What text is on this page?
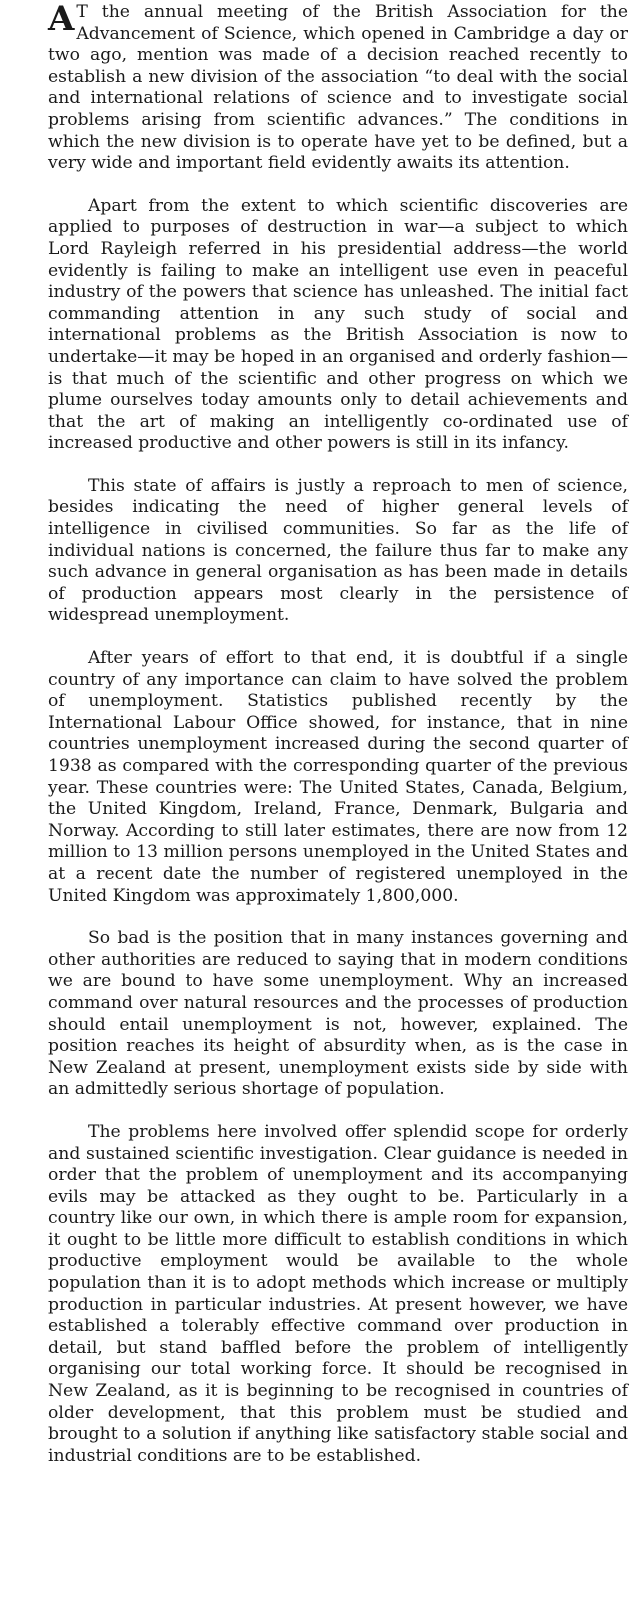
A T the annual meeting of the British Association for the Advancement of Science, which opened in Cambridge a day or two ago, mention was made of a decision reached recently to establish a new division of the association “to deal with the social and international relations of science and to investigate social problems arising from scientific advances.” The conditions in which the new division is to operate have yet to be defined, but a very wide and important field evidently awaits its attention.

Apart from the extent to which scientific discoveries are applied to purposes of destruction in war—a subject to which Lord Rayleigh referred in his presidential address—the world evidently is failing to make an intelligent use even in peaceful industry of the powers that science has unleashed. The initial fact commanding attention in any such study of social and international problems as the British Association is now to undertake—it may be hoped in an organised and orderly fashion—is that much of the scientific and other progress on which we plume ourselves today amounts only to detail achievements and that the art of making an intelligently co-ordinated use of increased productive and other powers is still in its infancy.

This state of affairs is justly a reproach to men of science, besides indicating the need of higher general levels of intelligence in civilised communities. So far as the life of individual nations is concerned, the failure thus far to make any such advance in general organisation as has been made in details of production appears most clearly in the persistence of widespread unemployment.

After years of effort to that end, it is doubtful if a single country of any importance can claim to have solved the problem of unemployment. Statistics published recently by the International Labour Office showed, for instance, that in nine countries unemployment increased during the second quarter of 1938 as compared with the corresponding quarter of the previous year. These countries were: The United States, Canada, Belgium, the United Kingdom, Ireland, France, Denmark, Bulgaria and Norway. According to still later estimates, there are now from 12 million to 13 million persons unemployed in the United States and at a recent date the number of registered unemployed in the United Kingdom was approximately 1,800,000.

So bad is the position that in many instances governing and other authorities are reduced to saying that in modern conditions we are bound to have some unemployment. Why an increased command over natural resources and the processes of production should entail unemployment is not, however, explained. The position reaches its height of absurdity when, as is the case in New Zealand at present, unemployment exists side by side with an admittedly serious shortage of population.

The problems here involved offer splendid scope for orderly and sustained scientific investigation. Clear guidance is needed in order that the problem of unemployment and its accompanying evils may be attacked as they ought to be. Particularly in a country like our own, in which there is ample room for expansion, it ought to be little more difficult to establish conditions in which productive employment would be available to the whole population than it is to adopt methods which increase or multiply production in particular industries. At present however, we have established a tolerably effective command over production in detail, but stand baffled before the problem of intelligently organising our total working force. It should be recognised in New Zealand, as it is beginning to be recognised in countries of older development, that this problem must be studied and brought to a solution if anything like satisfactory stable social and industrial conditions are to be established.
